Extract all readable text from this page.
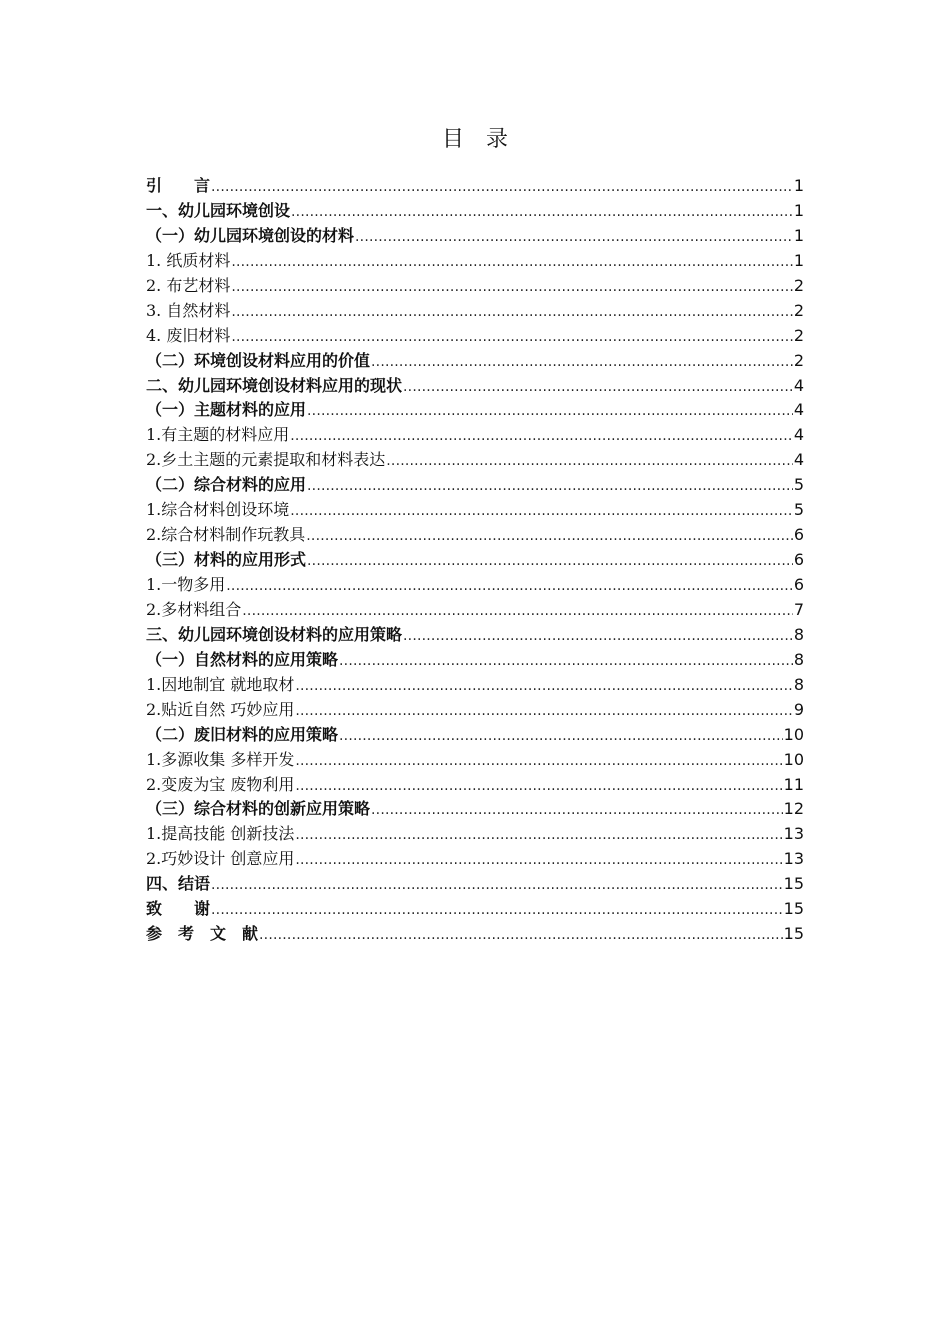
目　录
引　　言 .....	1
一、幼儿园环境创设 .....	1
（一）幼儿园环境创设的材料 .....	1
1. 纸质材料 .....	1
2. 布艺材料 .....	2
3. 自然材料 .....	2
4. 废旧材料 .....	2
（二）环境创设材料应用的价值 .....	2
二、幼儿园环境创设材料应用的现状 .....	4
（一）主题材料的应用 .....	4
1.有主题的材料应用 .....	4
2.乡土主题的元素提取和材料表达 .....	4
（二）综合材料的应用 .....	5
1.综合材料创设环境 .....	5
2.综合材料制作玩教具 .....	6
（三）材料的应用形式 .....	6
1.一物多用 .....	6
2.多材料组合 .....	7
三、幼儿园环境创设材料的应用策略 .....	8
（一）自然材料的应用策略 .....	8
1.因地制宜 就地取材 .....	8
2.贴近自然 巧妙应用 .....	9
（二）废旧材料的应用策略 .....	10
1.多源收集 多样开发 .....	10
2.变废为宝 废物利用 .....	11
（三）综合材料的创新应用策略 .....	12
1.提高技能 创新技法 .....	13
2.巧妙设计 创意应用 .....	13
四、结语 .....	15
致　　谢 .....	15
参　考　文　献 .....	15
